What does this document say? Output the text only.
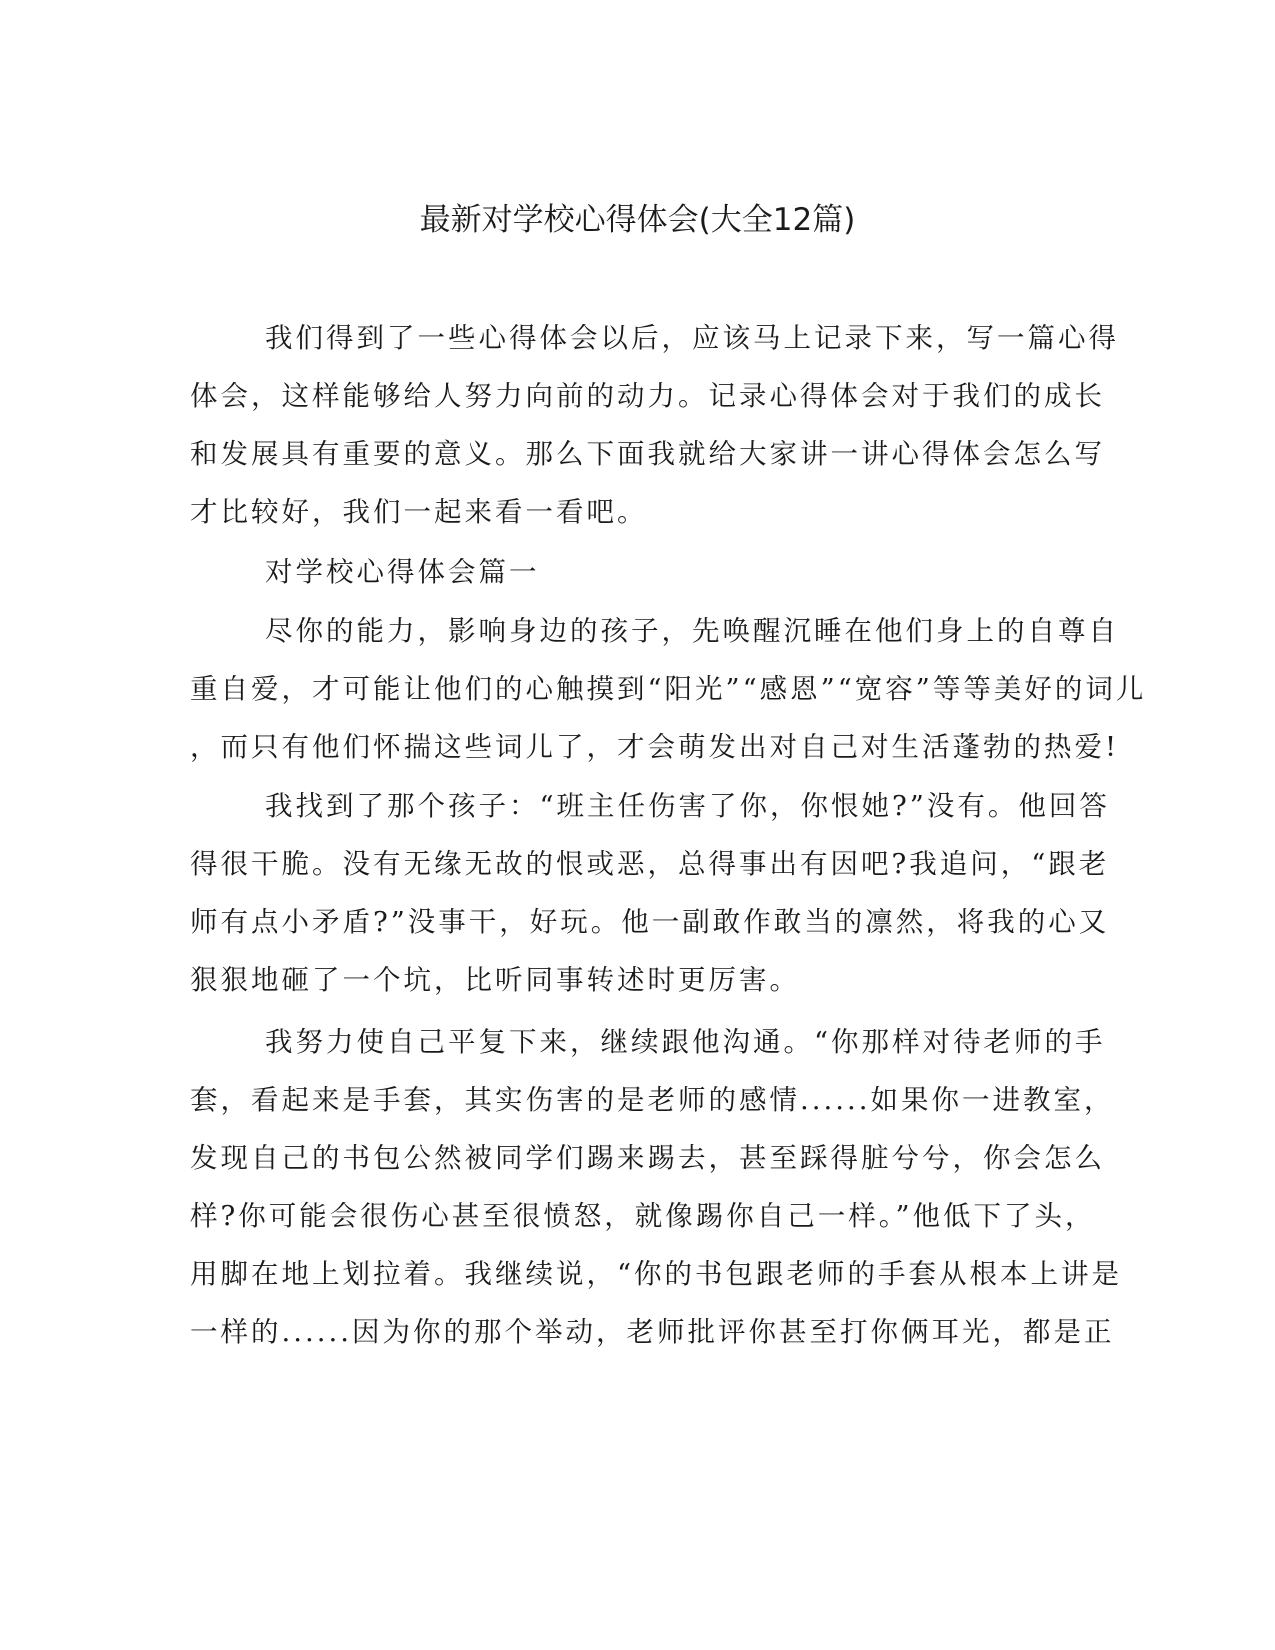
最新对学校心得体会(大全12篇)
我们得到了一些心得体会以后，应该马上记录下来，写一篇心得
体会，这样能够给人努力向前的动力。记录心得体会对于我们的成长
和发展具有重要的意义。那么下面我就给大家讲一讲心得体会怎么写
才比较好，我们一起来看一看吧。
对学校心得体会篇一
尽你的能力，影响身边的孩子，先唤醒沉睡在他们身上的自尊自
重自爱，才可能让他们的心触摸到“阳光”“感恩”“宽容”等等美好的词儿
，而只有他们怀揣这些词儿了，才会萌发出对自己对生活蓬勃的热爱!
我找到了那个孩子：“班主任伤害了你，你恨她?”没有。他回答
得很干脆。没有无缘无故的恨或恶，总得事出有因吧?我追问，“跟老
师有点小矛盾?”没事干，好玩。他一副敢作敢当的凛然，将我的心又
狠狠地砸了一个坑，比听同事转述时更厉害。
我努力使自己平复下来，继续跟他沟通。“你那样对待老师的手
套，看起来是手套，其实伤害的是老师的感情......如果你一进教室，
发现自己的书包公然被同学们踢来踢去，甚至踩得脏兮兮，你会怎么
样?你可能会很伤心甚至很愤怒，就像踢你自己一样。”他低下了头，
用脚在地上划拉着。我继续说，“你的书包跟老师的手套从根本上讲是
一样的......因为你的那个举动，老师批评你甚至打你俩耳光，都是正
